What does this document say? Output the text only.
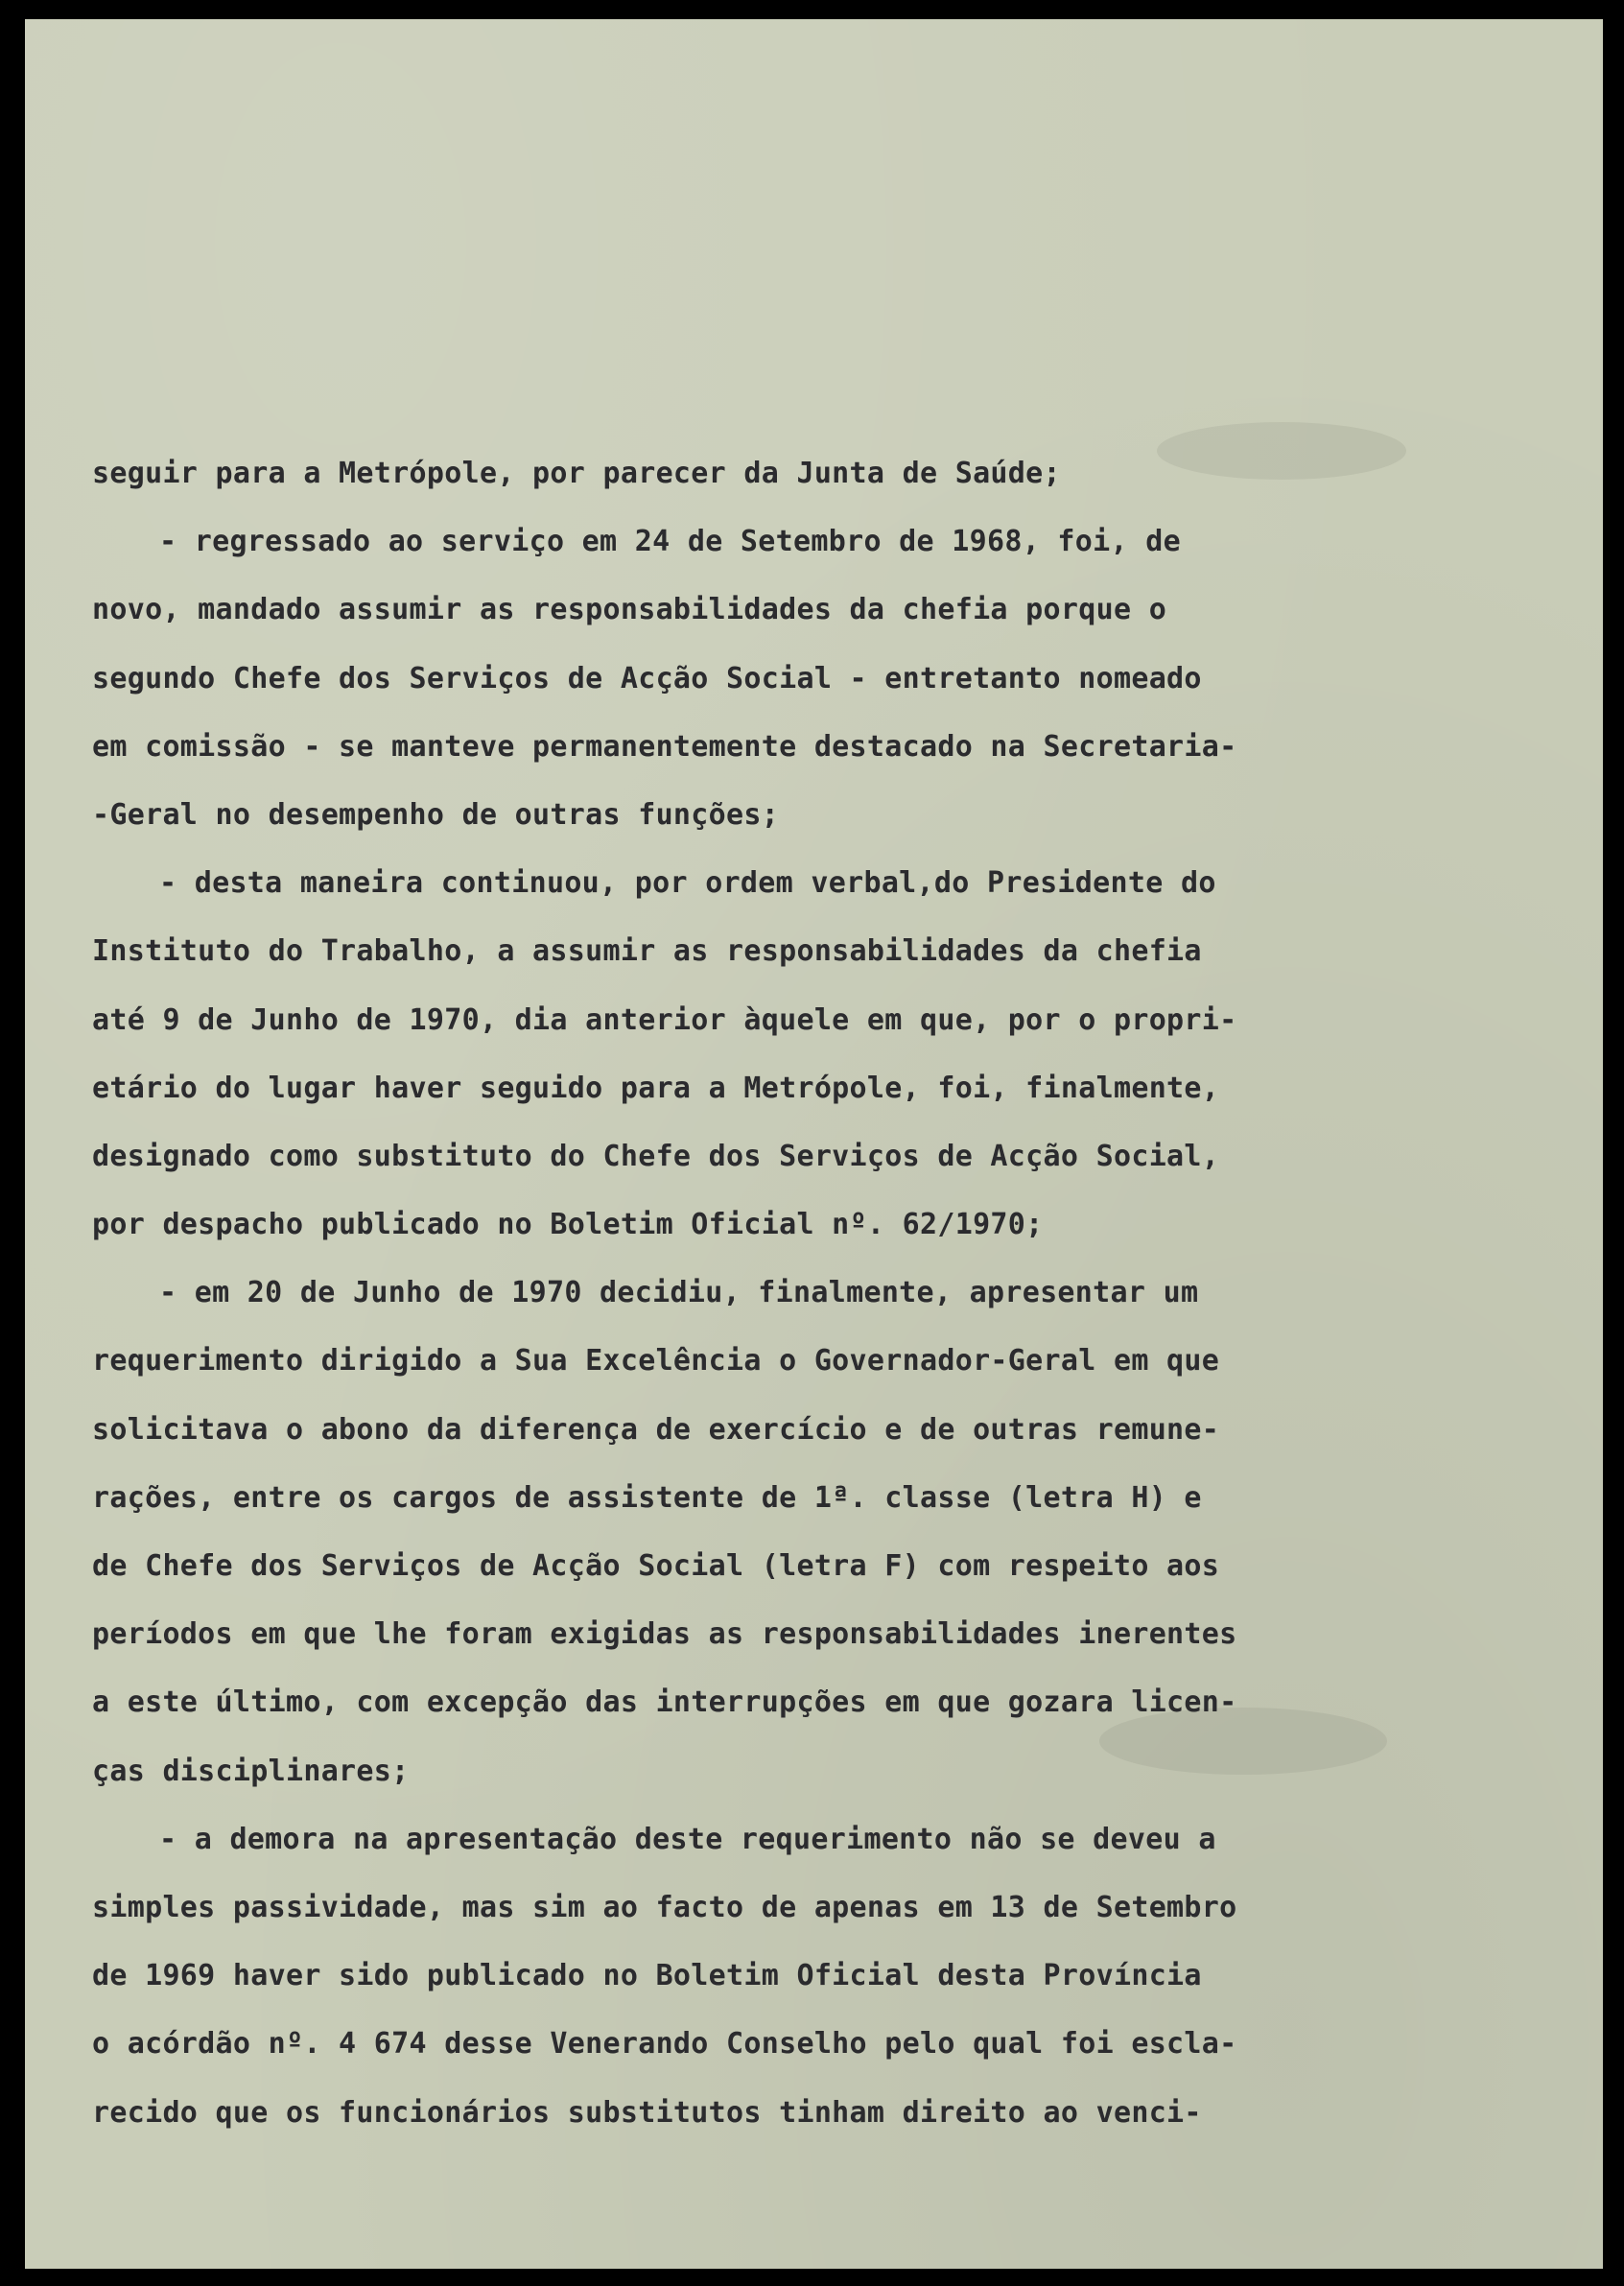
seguir para a Metrópole, por parecer da Junta de Saúde;
- regressado ao serviço em 24 de Setembro de 1968, foi, de
novo, mandado assumir as responsabilidades da chefia porque o
segundo Chefe dos Serviços de Acção Social - entretanto nomeado
em comissão - se manteve permanentemente destacado na Secretaria-
-Geral no desempenho de outras funções;
- desta maneira continuou, por ordem verbal,do Presidente do
Instituto do Trabalho, a assumir as responsabilidades da chefia
até 9 de Junho de 1970, dia anterior àquele em que, por o propri-
etário do lugar haver seguido para a Metrópole, foi, finalmente,
designado como substituto do Chefe dos Serviços de Acção Social,
por despacho publicado no Boletim Oficial nº. 62/1970;
- em 20 de Junho de 1970 decidiu, finalmente, apresentar um
requerimento dirigido a Sua Excelência o Governador-Geral em que
solicitava o abono da diferença de exercício e de outras remune-
rações, entre os cargos de assistente de 1ª. classe (letra H) e
de Chefe dos Serviços de Acção Social (letra F) com respeito aos
períodos em que lhe foram exigidas as responsabilidades inerentes
a este último, com excepção das interrupções em que gozara licen-
ças disciplinares;
- a demora na apresentação deste requerimento não se deveu a
simples passividade, mas sim ao facto de apenas em 13 de Setembro
de 1969 haver sido publicado no Boletim Oficial desta Província
o acórdão nº. 4 674 desse Venerando Conselho pelo qual foi escla-
recido que os funcionários substitutos tinham direito ao venci-
